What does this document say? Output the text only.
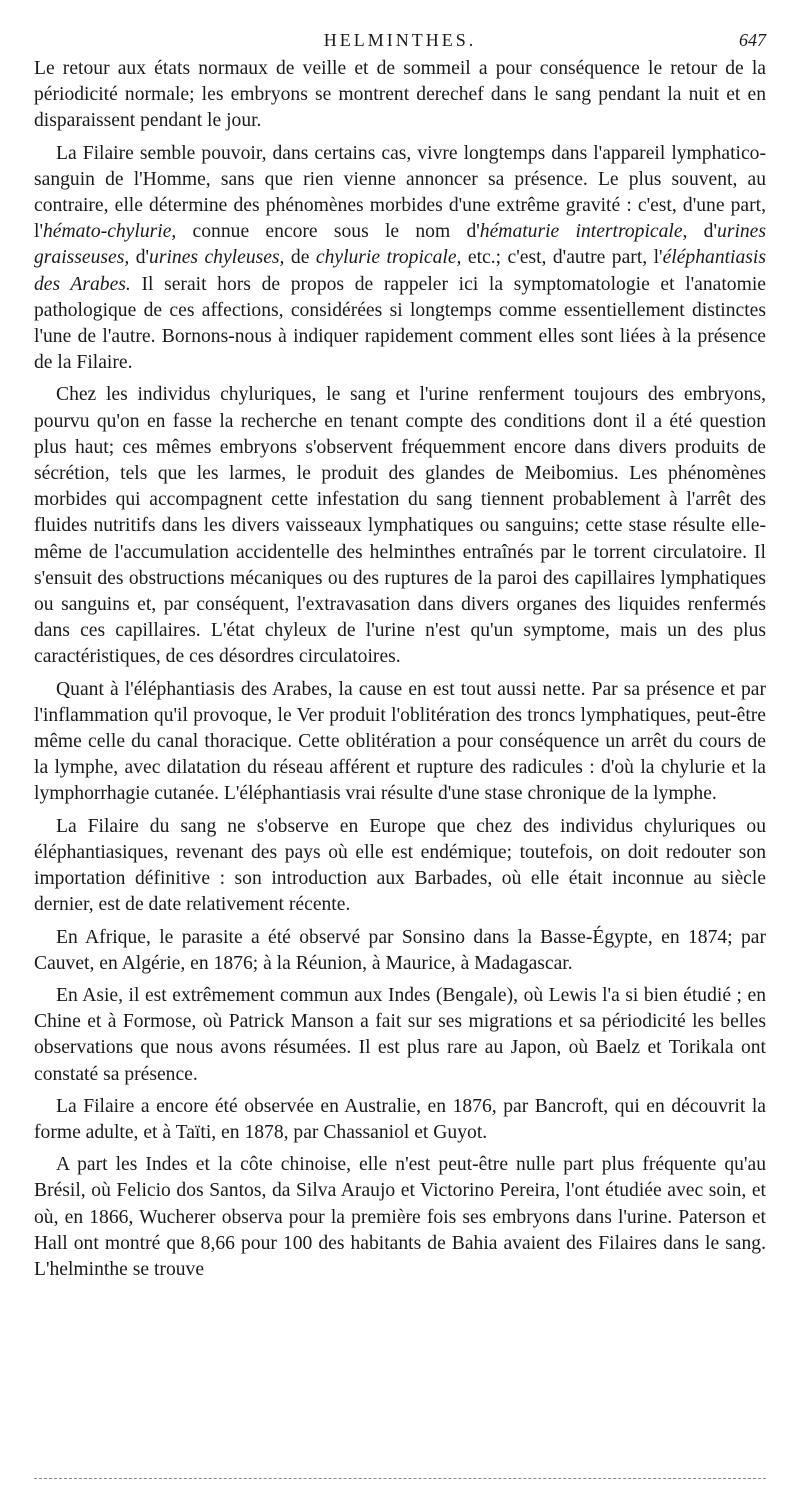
HELMINTHES.	647

Le retour aux états normaux de veille et de sommeil a pour conséquence le retour de la périodicité normale; les embryons se montrent derechef dans le sang pendant la nuit et en disparaissent pendant le jour.

La Filaire semble pouvoir, dans certains cas, vivre longtemps dans l'appareil lymphatico-sanguin de l'Homme, sans que rien vienne annoncer sa présence. Le plus souvent, au contraire, elle détermine des phénomènes morbides d'une extrême gravité : c'est, d'une part, l'hémato-chylurie, connue encore sous le nom d'hématurie intertropicale, d'urines graisseuses, d'urines chyleuses, de chylurie tropicale, etc.; c'est, d'autre part, l'éléphantiasis des Arabes. Il serait hors de propos de rappeler ici la symptomatologie et l'anatomie pathologique de ces affections, considérées si longtemps comme essentiellement distinctes l'une de l'autre. Bornons-nous à indiquer rapidement comment elles sont liées à la présence de la Filaire.

Chez les individus chyluriques, le sang et l'urine renferment toujours des embryons, pourvu qu'on en fasse la recherche en tenant compte des conditions dont il a été question plus haut; ces mêmes embryons s'observent fréquemment encore dans divers produits de sécrétion, tels que les larmes, le produit des glandes de Meibomius. Les phénomènes morbides qui accompagnent cette infestation du sang tiennent probablement à l'arrêt des fluides nutritifs dans les divers vaisseaux lymphatiques ou sanguins; cette stase résulte elle-même de l'accumulation accidentelle des helminthes entraînés par le torrent circulatoire. Il s'ensuit des obstructions mécaniques ou des ruptures de la paroi des capillaires lymphatiques ou sanguins et, par conséquent, l'extravasation dans divers organes des liquides renfermés dans ces capillaires. L'état chyleux de l'urine n'est qu'un symptome, mais un des plus caractéristiques, de ces désordres circulatoires.

Quant à l'éléphantiasis des Arabes, la cause en est tout aussi nette. Par sa présence et par l'inflammation qu'il provoque, le Ver produit l'oblitération des troncs lymphatiques, peut-être même celle du canal thoracique. Cette oblitération a pour conséquence un arrêt du cours de la lymphe, avec dilatation du réseau afférent et rupture des radicules : d'où la chylurie et la lymphorrhagie cutanée. L'éléphantiasis vrai résulte d'une stase chronique de la lymphe.

La Filaire du sang ne s'observe en Europe que chez des individus chyluriques ou éléphantiasiques, revenant des pays où elle est endémique; toutefois, on doit redouter son importation définitive : son introduction aux Barbades, où elle était inconnue au siècle dernier, est de date relativement récente.

En Afrique, le parasite a été observé par Sonsino dans la Basse-Égypte, en 1874; par Cauvet, en Algérie, en 1876; à la Réunion, à Maurice, à Madagascar.

En Asie, il est extrêmement commun aux Indes (Bengale), où Lewis l'a si bien étudié ; en Chine et à Formose, où Patrick Manson a fait sur ses migrations et sa périodicité les belles observations que nous avons résumées. Il est plus rare au Japon, où Baelz et Torikala ont constaté sa présence.

La Filaire a encore été observée en Australie, en 1876, par Bancroft, qui en découvrit la forme adulte, et à Taïti, en 1878, par Chassaniol et Guyot.

A part les Indes et la côte chinoise, elle n'est peut-être nulle part plus fréquente qu'au Brésil, où Felicio dos Santos, da Silva Araujo et Victorino Pereira, l'ont étudiée avec soin, et où, en 1866, Wucherer observa pour la première fois ses embryons dans l'urine. Paterson et Hall ont montré que 8,66 pour 100 des habitants de Bahia avaient des Filaires dans le sang. L'helminthe se trouve
